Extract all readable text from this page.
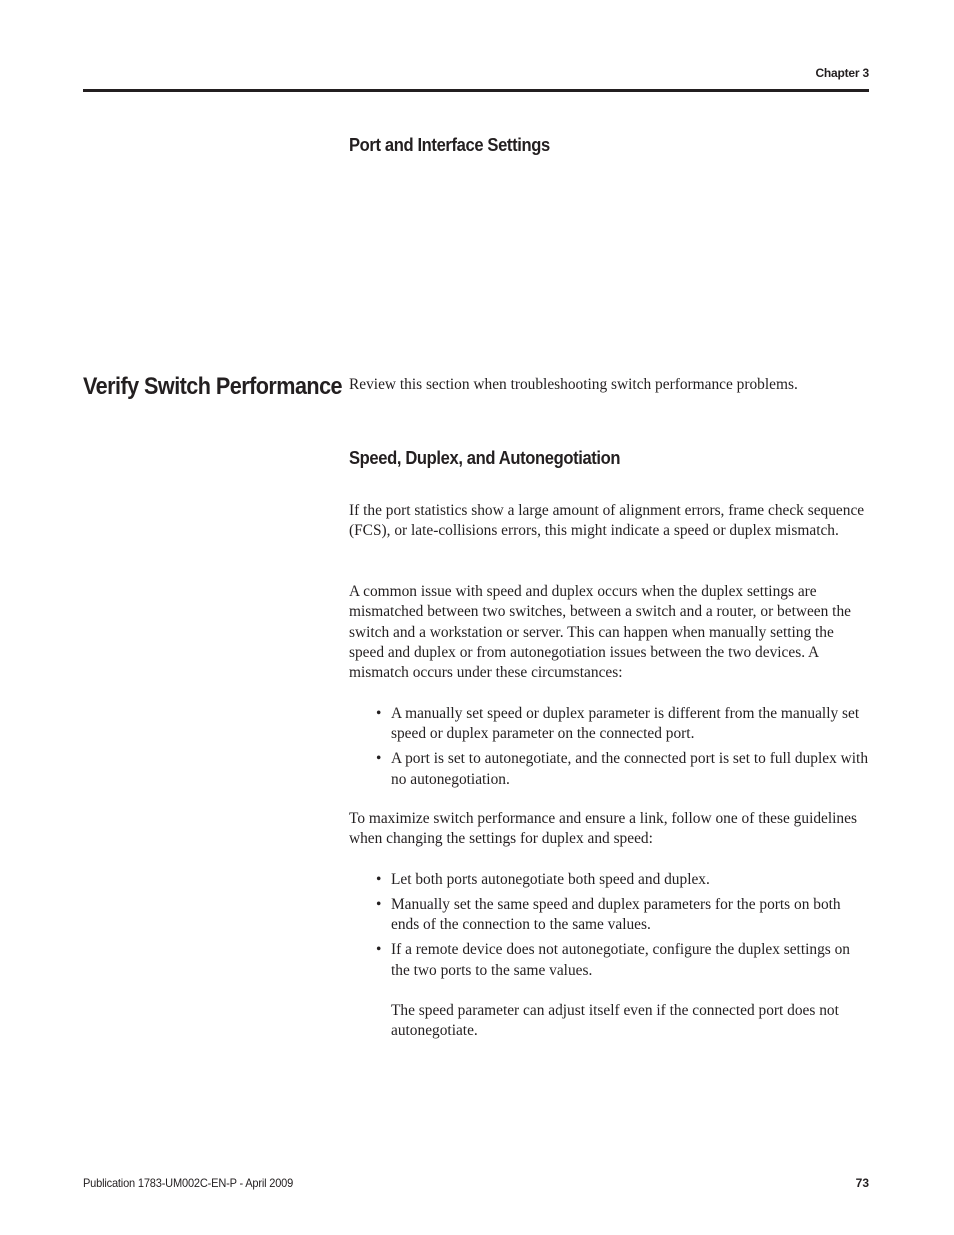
Chapter 3
Port and Interface Settings
Verify Switch Performance Review this section when troubleshooting switch performance problems.

Speed, Duplex, and Autonegotiation

If the port statistics show a large amount of alignment errors, frame check sequence (FCS), or late-collisions errors, this might indicate a speed or duplex mismatch.

A common issue with speed and duplex occurs when the duplex settings are mismatched between two switches, between a switch and a router, or between the switch and a workstation or server. This can happen when manually setting the speed and duplex or from autonegotiation issues between the two devices. A mismatch occurs under these circumstances:

• A manually set speed or duplex parameter is different from the manually set speed or duplex parameter on the connected port.
• A port is set to autonegotiate, and the connected port is set to full duplex with no autonegotiation.

To maximize switch performance and ensure a link, follow one of these guidelines when changing the settings for duplex and speed:

• Let both ports autonegotiate both speed and duplex.
• Manually set the same speed and duplex parameters for the ports on both ends of the connection to the same values.
• If a remote device does not autonegotiate, configure the duplex settings on the two ports to the same values.

The speed parameter can adjust itself even if the connected port does not autonegotiate.

Publication 1783-UM002C-EN-P - April 2009	73
